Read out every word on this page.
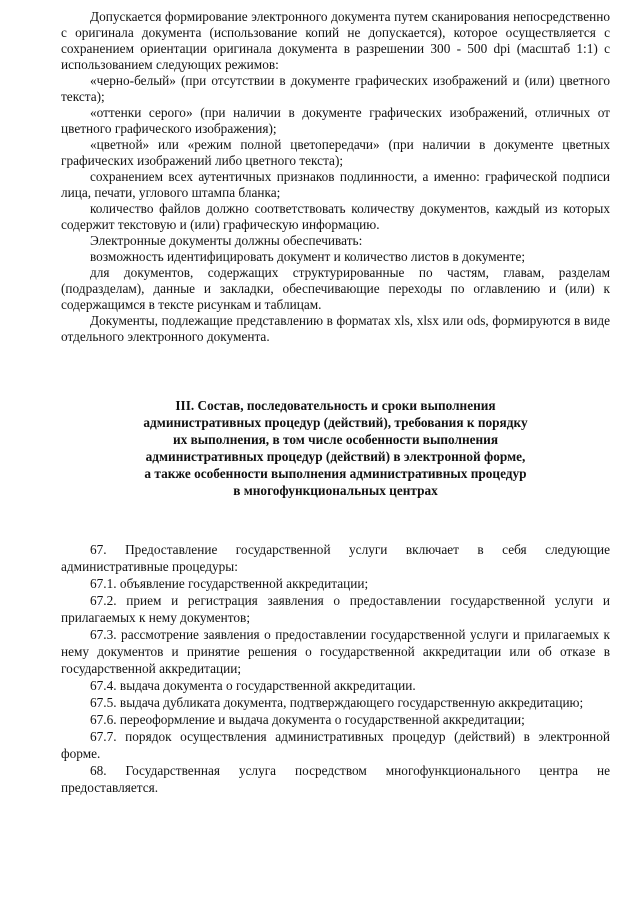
Допускается формирование электронного документа путем сканирования непосредственно с оригинала документа (использование копий не допускается), которое осуществляется с сохранением ориентации оригинала документа в разрешении 300 - 500 dpi (масштаб 1:1) с использованием следующих режимов:

«черно-белый» (при отсутствии в документе графических изображений и (или) цветного текста);

«оттенки серого» (при наличии в документе графических изображений, отличных от цветного графического изображения);

«цветной» или «режим полной цветопередачи» (при наличии в документе цветных графических изображений либо цветного текста);

сохранением всех аутентичных признаков подлинности, а именно: графической подписи лица, печати, углового штампа бланка;

количество файлов должно соответствовать количеству документов, каждый из которых содержит текстовую и (или) графическую информацию.

Электронные документы должны обеспечивать:

возможность идентифицировать документ и количество листов в документе;

для документов, содержащих структурированные по частям, главам, разделам (подразделам), данные и закладки, обеспечивающие переходы по оглавлению и (или) к содержащимся в тексте рисункам и таблицам.

Документы, подлежащие представлению в форматах xls, xlsx или ods, формируются в виде отдельного электронного документа.

III. Состав, последовательность и сроки выполнения
административных процедур (действий), требования к порядку
их выполнения, в том числе особенности выполнения
административных процедур (действий) в электронной форме,
а также особенности выполнения административных процедур
в многофункциональных центрах

67. Предоставление государственной услуги включает в себя следующие административные процедуры:

67.1. объявление государственной аккредитации;

67.2. прием и регистрация заявления о предоставлении государственной услуги и прилагаемых к нему документов;

67.3. рассмотрение заявления о предоставлении государственной услуги и прилагаемых к нему документов и принятие решения о государственной аккредитации или об отказе в государственной аккредитации;

67.4. выдача документа о государственной аккредитации.

67.5. выдача дубликата документа, подтверждающего государственную аккредитацию;

67.6. переоформление и выдача документа о государственной аккредитации;

67.7. порядок осуществления административных процедур (действий) в электронной форме.

68. Государственная услуга посредством многофункционального центра не предоставляется.
